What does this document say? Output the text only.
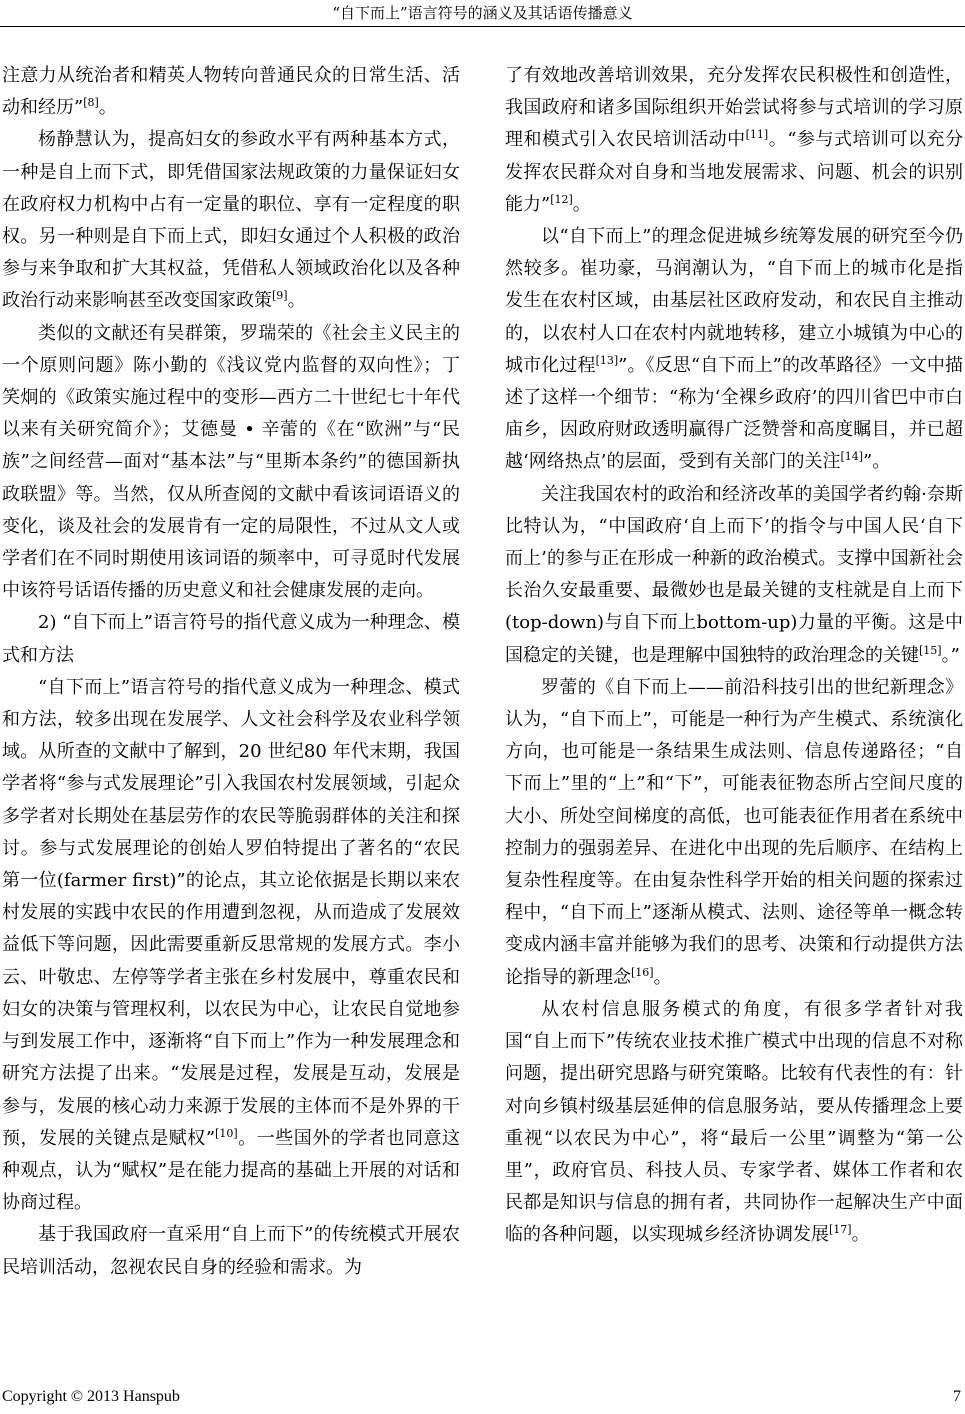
“自下而上”语言符号的涵义及其话语传播意义

注意力从统治者和精英人物转向普通民众的日常生活、活动和经历”[8]。

杨静慧认为，提高妇女的参政水平有两种基本方式，一种是自上而下式，即凭借国家法规政策的力量保证妇女在政府权力机构中占有一定量的职位、享有一定程度的职权。另一种则是自下而上式，即妇女通过个人积极的政治参与来争取和扩大其权益，凭借私人领域政治化以及各种政治行动来影响甚至改变国家政策[9]。

类似的文献还有吴群策，罗瑞荣的《社会主义民主的一个原则问题》陈小勤的《浅议党内监督的双向性》；丁笑炯的《政策实施过程中的变形—西方二十世纪七十年代以来有关研究简介》；艾德曼 • 辛蕾的《在“欧洲”与“民族”之间经营—面对“基本法”与“里斯本条约”的德国新执政联盟》等。当然，仅从所查阅的文献中看该词语语义的变化，谈及社会的发展肯有一定的局限性，不过从文人或学者们在不同时期使用该词语的频率中，可寻觅时代发展中该符号话语传播的历史意义和社会健康发展的走向。

2) “自下而上”语言符号的指代意义成为一种理念、模式和方法

“自下而上”语言符号的指代意义成为一种理念、模式和方法，较多出现在发展学、人文社会科学及农业科学领域。从所查的文献中了解到，20 世纪80 年代末期，我国学者将“参与式发展理论”引入我国农村发展领域，引起众多学者对长期处在基层劳作的农民等脆弱群体的关注和探讨。参与式发展理论的创始人罗伯特提出了著名的“农民第一位(farmer first)”的论点，其立论依据是长期以来农村发展的实践中农民的作用遭到忽视，从而造成了发展效益低下等问题，因此需要重新反思常规的发展方式。李小云、叶敬忠、左停等学者主张在乡村发展中，尊重农民和妇女的决策与管理权利，以农民为中心，让农民自觉地参与到发展工作中，逐渐将“自下而上”作为一种发展理念和研究方法提了出来。“发展是过程，发展是互动，发展是参与，发展的核心动力来源于发展的主体而不是外界的干预，发展的关键点是赋权”[10]。一些国外的学者也同意这种观点，认为“赋权”是在能力提高的基础上开展的对话和协商过程。

基于我国政府一直采用“自上而下”的传统模式开展农民培训活动，忽视农民自身的经验和需求。为

了有效地改善培训效果，充分发挥农民积极性和创造性，我国政府和诸多国际组织开始尝试将参与式培训的学习原理和模式引入农民培训活动中[11]。“参与式培训可以充分发挥农民群众对自身和当地发展需求、问题、机会的识别能力”[12]。

以“自下而上”的理念促进城乡统筹发展的研究至今仍然较多。崔功豪，马润潮认为，“自下而上的城市化是指发生在农村区域，由基层社区政府发动，和农民自主推动的，以农村人口在农村内就地转移，建立小城镇为中心的城市化过程[13]”。《反思“自下而上”的改革路径》一文中描述了这样一个细节：“称为‘全裸乡政府’的四川省巴中市白庙乡，因政府财政透明赢得广泛赞誉和高度瞩目，并已超越‘网络热点’的层面，受到有关部门的关注[14]”。

关注我国农村的政治和经济改革的美国学者约翰·奈斯比特认为，“中国政府‘自上而下’的指令与中国人民‘自下而上’的参与正在形成一种新的政治模式。支撑中国新社会长治久安最重要、最微妙也是最关键的支柱就是自上而下(top-down)与自下而上bottom-up)力量的平衡。这是中国稳定的关键，也是理解中国独特的政治理念的关键[15]。”

罗蕾的《自下而上——前沿科技引出的世纪新理念》认为，“自下而上”，可能是一种行为产生模式、系统演化方向，也可能是一条结果生成法则、信息传递路径；“自下而上”里的“上”和“下”，可能表征物态所占空间尺度的大小、所处空间梯度的高低，也可能表征作用者在系统中控制力的强弱差异、在进化中出现的先后顺序、在结构上复杂性程度等。在由复杂性科学开始的相关问题的探索过程中，“自下而上”逐渐从模式、法则、途径等单一概念转变成内涵丰富并能够为我们的思考、决策和行动提供方法论指导的新理念[16]。

从农村信息服务模式的角度，有很多学者针对我国“自上而下”传统农业技术推广模式中出现的信息不对称问题，提出研究思路与研究策略。比较有代表性的有：针对向乡镇村级基层延伸的信息服务站，要从传播理念上要重视“以农民为中心”，将“最后一公里”调整为“第一公里”，政府官员、科技人员、专家学者、媒体工作者和农民都是知识与信息的拥有者，共同协作一起解决生产中面临的各种问题，以实现城乡经济协调发展[17]。

Copyright © 2013 Hanspub	7
